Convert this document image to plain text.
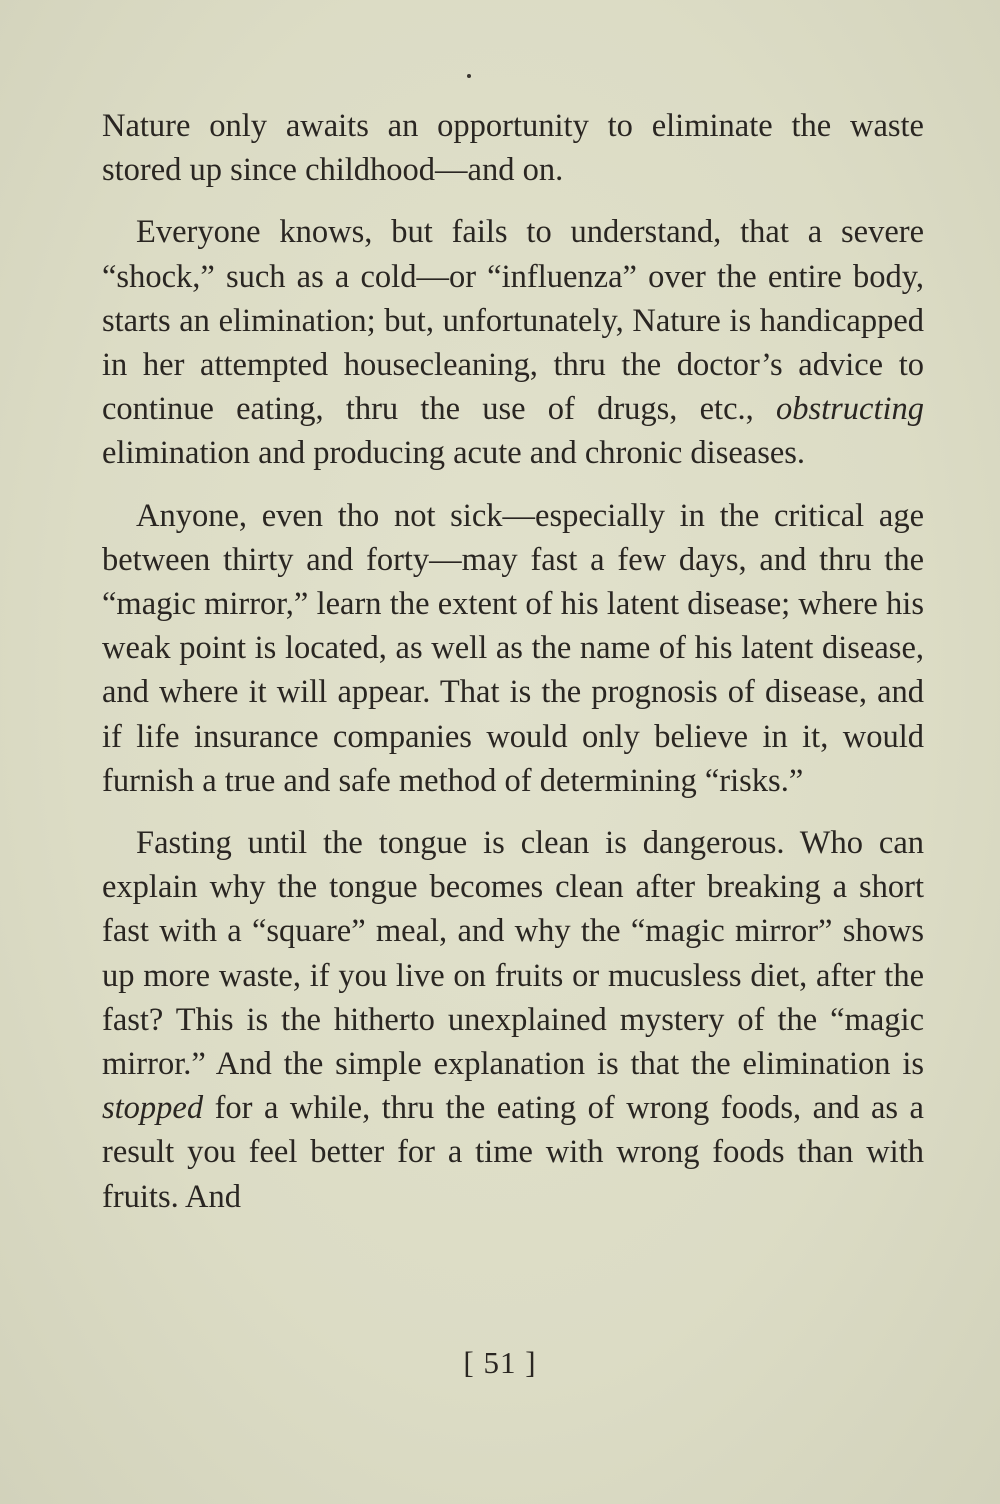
Nature only awaits an opportunity to eliminate the waste stored up since childhood—and on.

Everyone knows, but fails to understand, that a severe “shock,” such as a cold—or “influenza” over the entire body, starts an elimination; but, unfortunately, Nature is handicapped in her attempted housecleaning, thru the doctor’s advice to continue eating, thru the use of drugs, etc., obstructing elimination and producing acute and chronic diseases.

Anyone, even tho not sick—especially in the critical age between thirty and forty—may fast a few days, and thru the “magic mirror,” learn the extent of his latent disease; where his weak point is located, as well as the name of his latent disease, and where it will appear. That is the prognosis of disease, and if life insurance companies would only believe in it, would furnish a true and safe method of determining “risks.”

Fasting until the tongue is clean is dangerous. Who can explain why the tongue becomes clean after breaking a short fast with a “square” meal, and why the “magic mirror” shows up more waste, if you live on fruits or mucusless diet, after the fast? This is the hitherto unexplained mystery of the “magic mirror.” And the simple explanation is that the elimination is stopped for a while, thru the eating of wrong foods, and as a result you feel better for a time with wrong foods than with fruits. And

[ 51 ]
